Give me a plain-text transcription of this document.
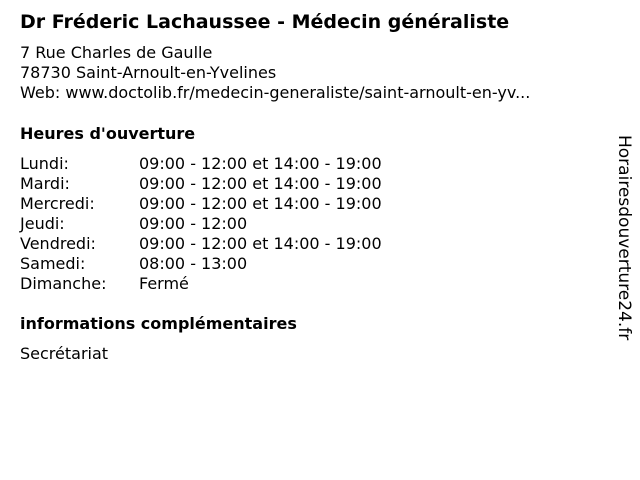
Dr Fréderic Lachaussee - Médecin généraliste
7 Rue Charles de Gaulle
78730 Saint-Arnoult-en-Yvelines
Web: www.doctolib.fr/medecin-generaliste/saint-arnoult-en-yv...
Heures d'ouverture
Lundi:	09:00 - 12:00 et 14:00 - 19:00
Mardi:	09:00 - 12:00 et 14:00 - 19:00
Mercredi:	09:00 - 12:00 et 14:00 - 19:00
Jeudi:	09:00 - 12:00
Vendredi:	09:00 - 12:00 et 14:00 - 19:00
Samedi:	08:00 - 13:00
Dimanche: Fermé
informations complémentaires
Secrétariat
Horairesdouverture24.fr
